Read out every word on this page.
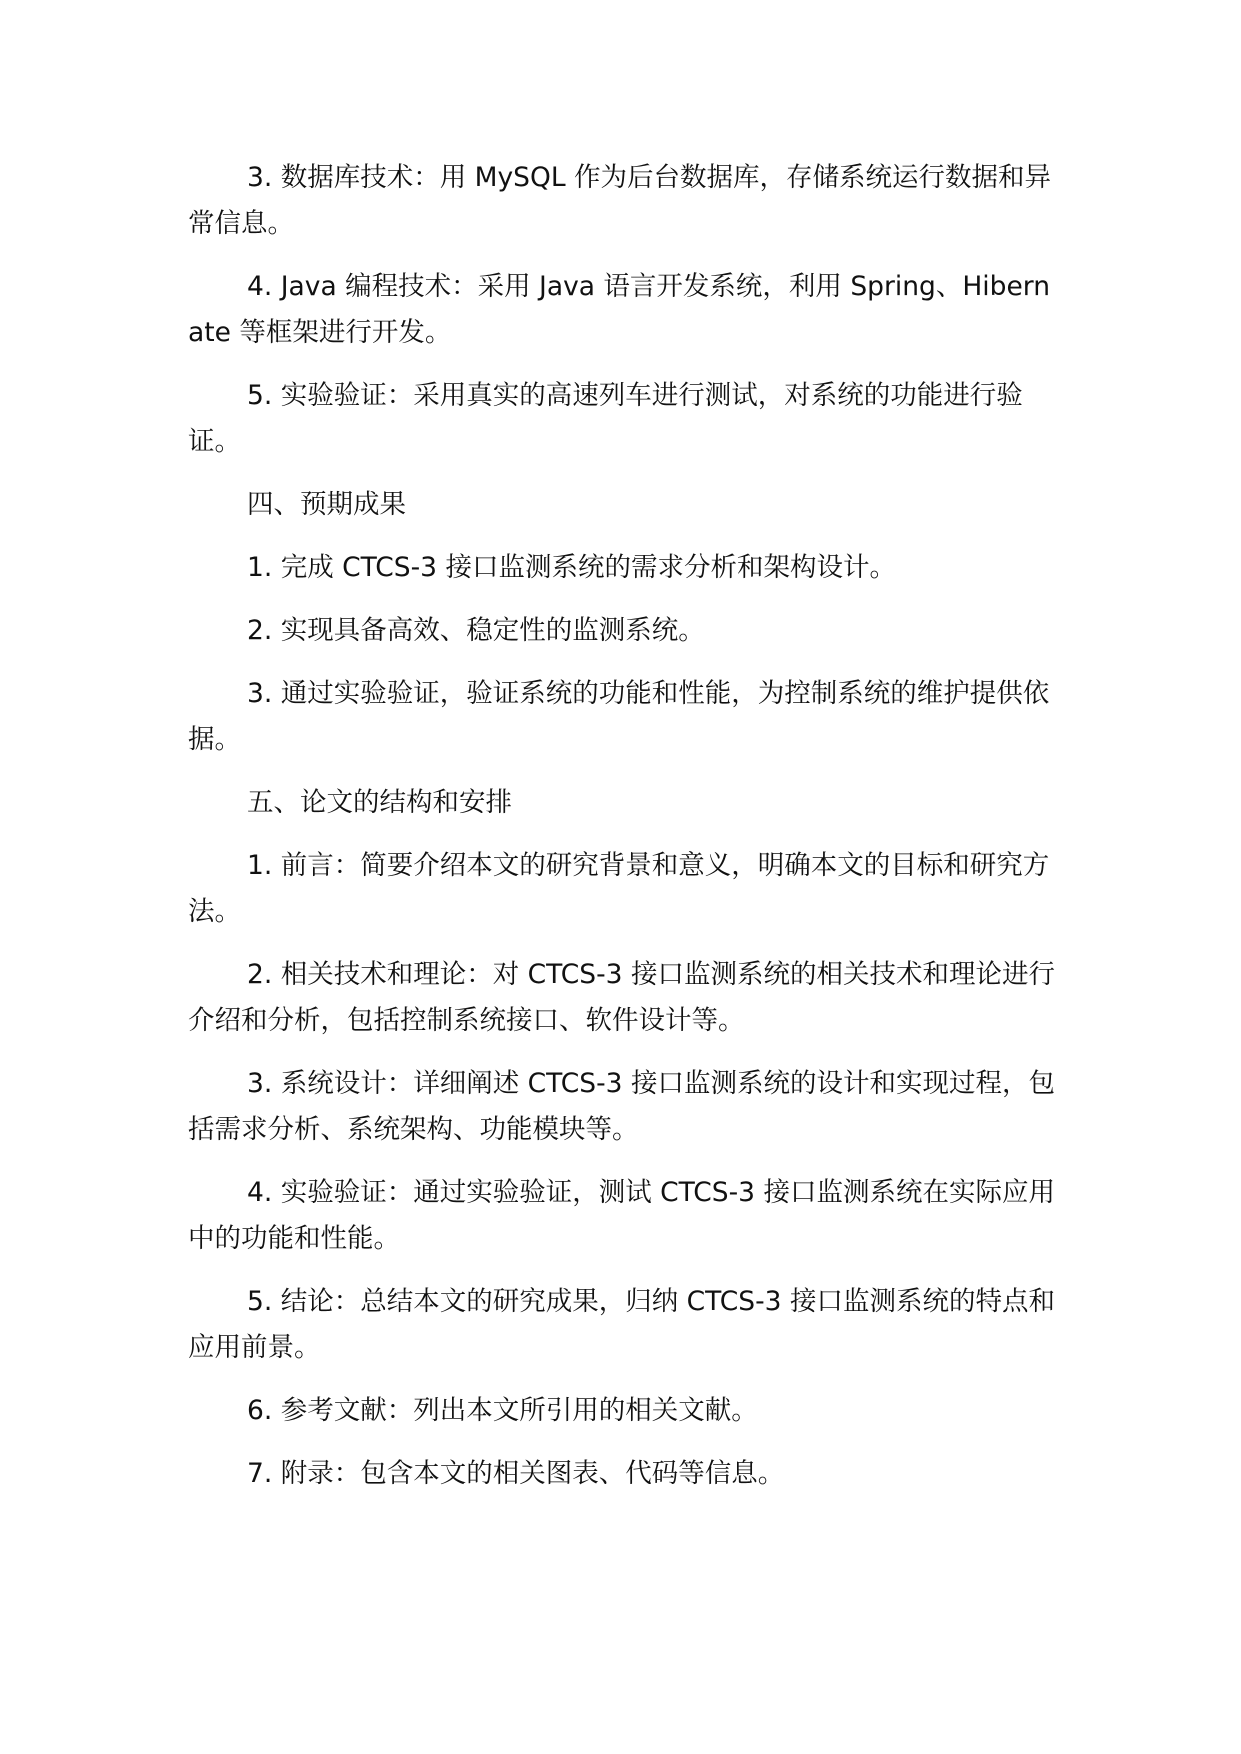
3. 数据库技术：用 MySQL 作为后台数据库，存储系统运行数据和异常信息。

4. Java 编程技术：采用 Java 语言开发系统，利用 Spring、Hibernate 等框架进行开发。

5. 实验验证：采用真实的高速列车进行测试，对系统的功能进行验证。

四、预期成果

1. 完成 CTCS-3 接口监测系统的需求分析和架构设计。

2. 实现具备高效、稳定性的监测系统。

3. 通过实验验证，验证系统的功能和性能，为控制系统的维护提供依据。

五、论文的结构和安排

1. 前言：简要介绍本文的研究背景和意义，明确本文的目标和研究方法。

2. 相关技术和理论：对 CTCS-3 接口监测系统的相关技术和理论进行介绍和分析，包括控制系统接口、软件设计等。

3. 系统设计：详细阐述 CTCS-3 接口监测系统的设计和实现过程，包括需求分析、系统架构、功能模块等。

4. 实验验证：通过实验验证，测试 CTCS-3 接口监测系统在实际应用中的功能和性能。

5. 结论：总结本文的研究成果，归纳 CTCS-3 接口监测系统的特点和应用前景。

6. 参考文献：列出本文所引用的相关文献。

7. 附录：包含本文的相关图表、代码等信息。
